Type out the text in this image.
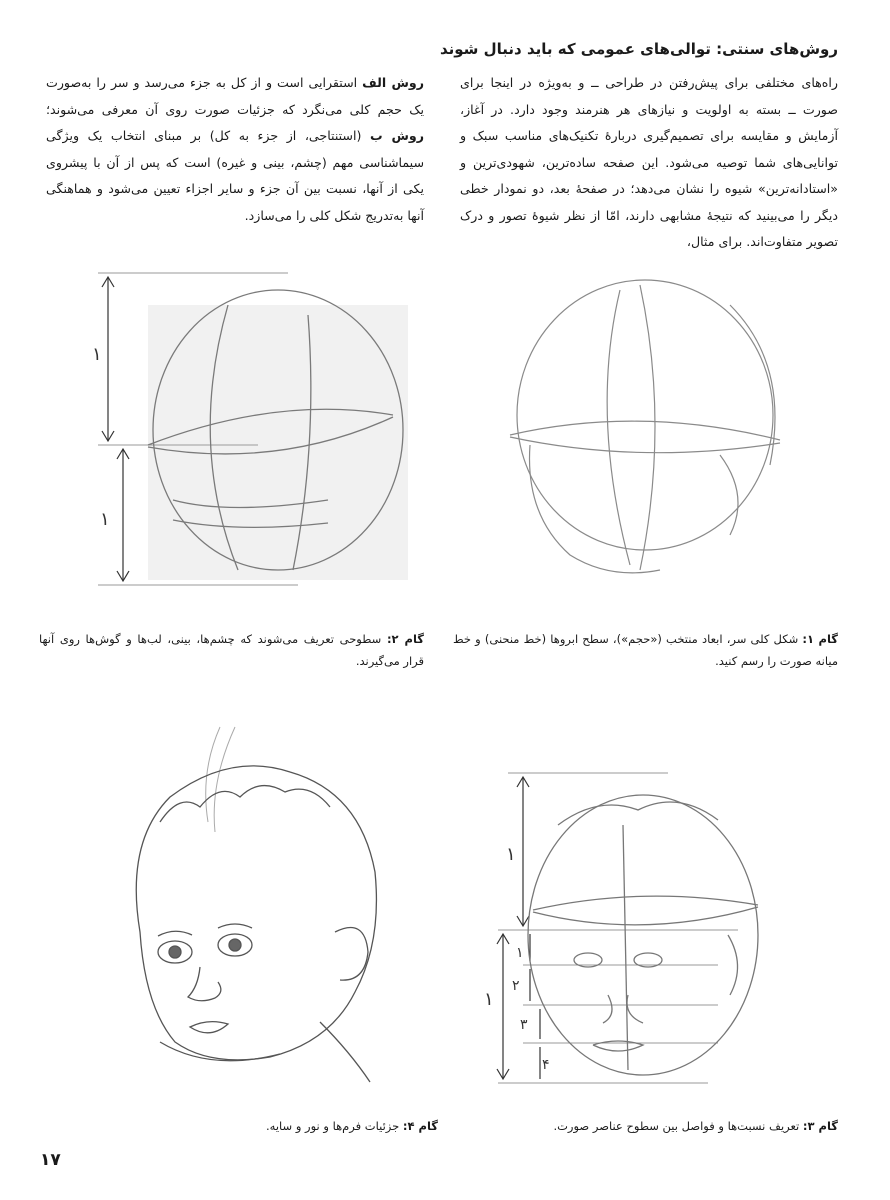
روش‌های سنتی: توالی‌های عمومی که باید دنبال شوند

راه‌های مختلفی برای پیش‌رفتن در طراحی ــ و به‌ویژه در اینجا برای صورت ــ بسته به اولویت و نیازهای هر هنرمند وجود دارد. در آغاز، آزمایش و مقایسه برای تصمیم‌گیری دربارهٔ تکنیک‌های مناسب سبک و توانایی‌های شما توصیه می‌شود. این صفحه ساده‌ترین، شهودی‌ترین و «استادانه‌ترین» شیوه را نشان می‌دهد؛ در صفحهٔ بعد، دو نمودار خطی دیگر را می‌بینید که نتیجهٔ مشابهی دارند، امّا از نظر شیوهٔ تصور و درک تصویر متفاوت‌اند. برای مثال،

روش الف استقرایی است و از کل به جزء می‌رسد و سر را به‌صورت یک حجم کلی می‌نگرد که جزئیات صورت روی آن معرفی می‌شوند؛ روش ب (استنتاجی، از جزء به کل) بر مبنای انتخاب یک ویژگی سیماشناسی مهم (چشم، بینی و غیره) است که پس از آن با پیشروی یکی از آنها، نسبت بین آن جزء و سایر اجزاء تعیین می‌شود و هماهنگی آنها به‌تدریج شکل کلی را می‌سازد.

۱
۱

گام ۱: شکل کلی سر، ابعاد منتخب («حجم»)، سطح ابروها (خط منحنی) و خط میانه صورت را رسم کنید.

گام ۲: سطوحی تعریف می‌شوند که چشم‌ها، بینی، لب‌ها و گوش‌ها روی آنها قرار می‌گیرند.

۱
۱
۱
۲
۳
۴

گام ۳: تعریف نسبت‌ها و فواصل بین سطوح عناصر صورت.

گام ۴: جزئیات فرم‌ها و نور و سایه.

۱۷
